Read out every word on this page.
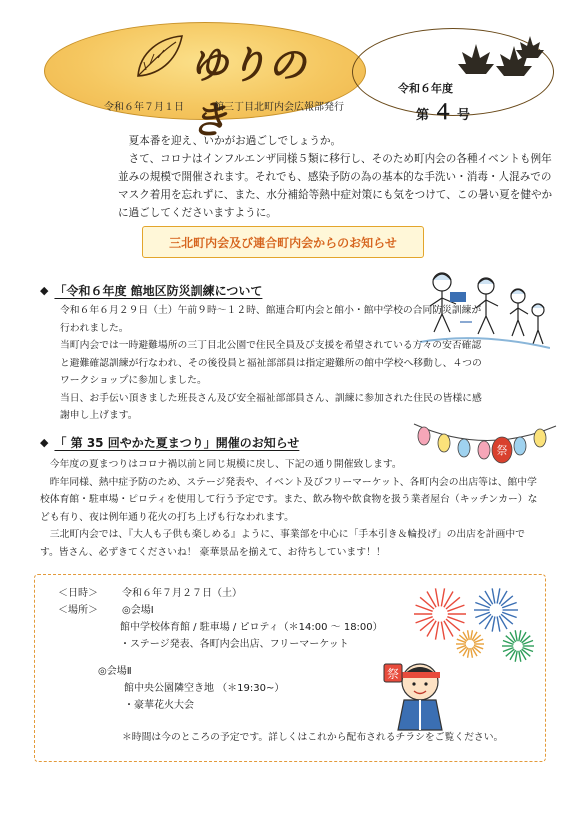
ゆりのき
令和６年７月１日	館三丁目北町内会広報部発行
令和６年度
第 ４ 号

夏本番を迎え、いかがお過ごしでしょうか。

さて、コロナはインフルエンザ同様５類に移行し、そのため町内会の各種イベントも例年並みの規模で開催されます。それでも、感染予防の為の基本的な手洗い・消毒・人混みでのマスク着用を忘れずに、また、水分補給等熱中症対策にも気をつけて、この暑い夏を健やかに過ごしてくださいますように。

三北町内会及び連合町内会からのお知らせ
◆ 「令和６年度 館地区防災訓練について

令和６年６月２９日（土）午前９時～１２時、館連合町内会と館小・館中学校の合同防災訓練が行われました。

当町内会では一時避難場所の三丁目北公園で住民全員及び支援を希望されている方々の安否確認と避難確認訓練が行なわれ、その後役員と福祉部部員は指定避難所の館中学校へ移動し、４つのワークショップに参加しました。

当日、お手伝い頂きました班長さん及び安全福祉部部員さん、訓練に参加された住民の皆様に感謝申し上げます。

祭
◆ 「 第 35 回やかた夏まつり」開催のお知らせ

今年度の夏まつりはコロナ禍以前と同じ規模に戻し、下記の通り開催致します。

昨年同様、熱中症予防のため、ステージ発表や、イベント及びフリーマーケット、各町内会の出店等は、館中学校体育館・駐車場・ピロティを使用して行う予定です。また、飲み物や飲食物を扱う業者屋台（キッチンカー）なども有り、夜は例年通り花火の打ち上げも行なわれます。

三北町内会では、『大人も子供も楽しめる』ように、事業部を中心に「手本引き＆輪投げ」の出店を計画中です。皆さん、必ずきてくださいね！ 豪華景品を揃えて、お待ちしています！！

＜日時＞ 令和６年７月２７日（土）
＜場所＞ ◎会場Ⅰ
館中学校体育館 / 駐車場 / ピロティ（＊14:00 ～ 18:00）
・ステージ発表、各町内会出店、フリーマーケット
◎会場Ⅱ
館中央公園隣空き地 （＊19:30~）
・豪華花火大会
＊時間は今のところの予定です。詳しくはこれから配布されるチラシをご覧ください。
祭
